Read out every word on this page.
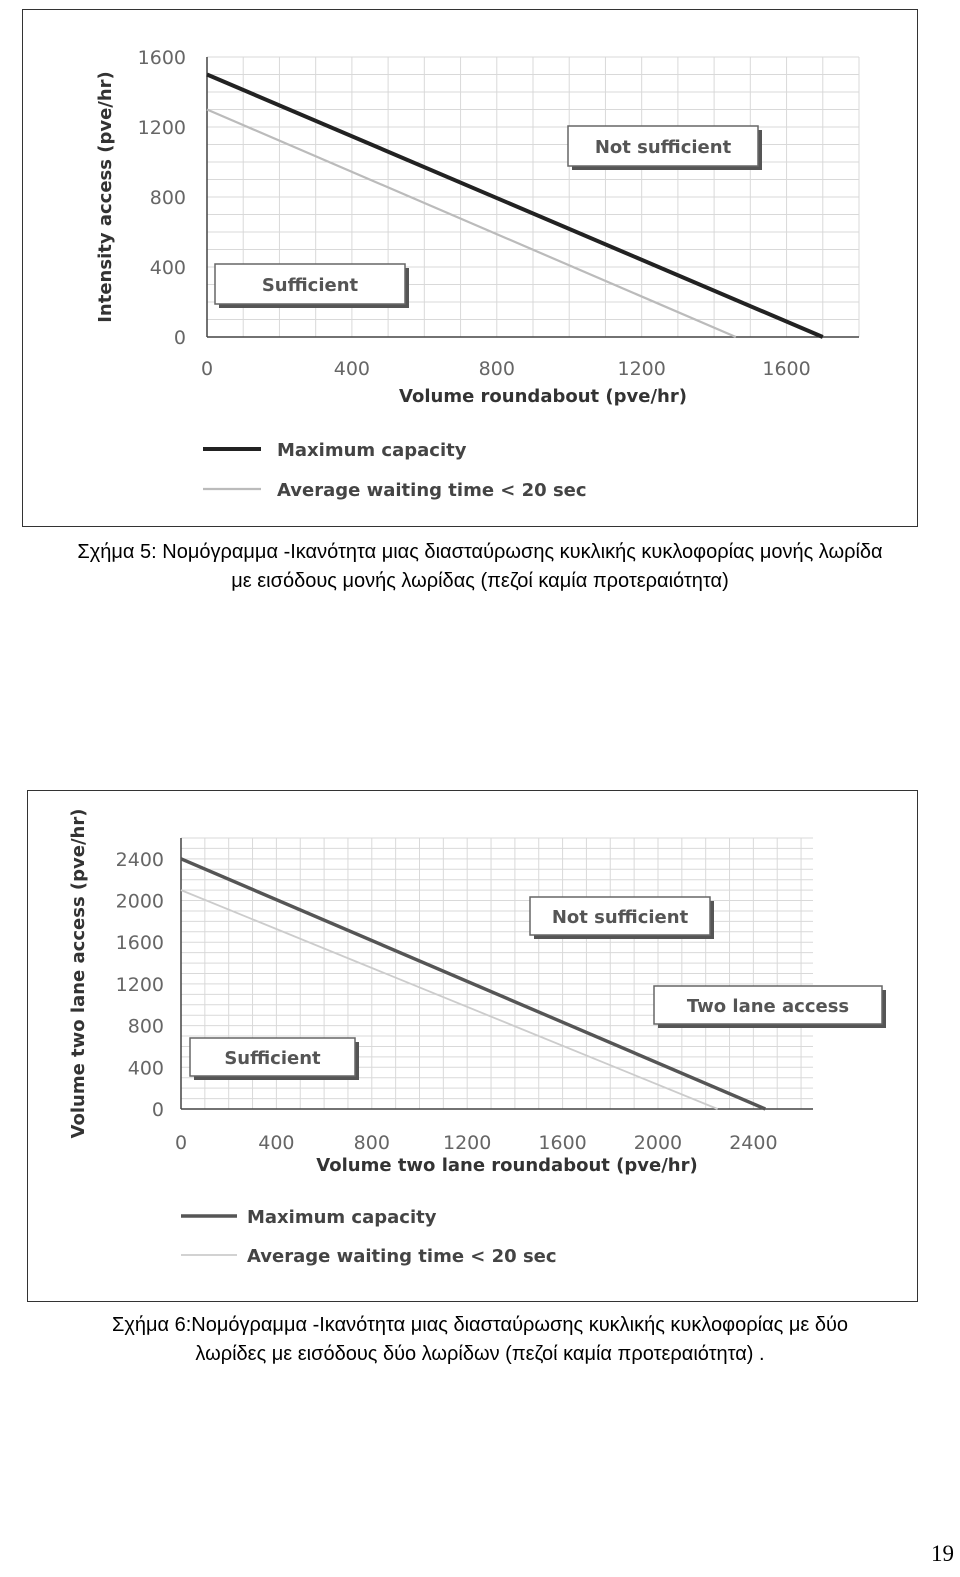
0	400	800	1200	1600
0
400
800
1200
1600
Volume roundabout (pve/hr)
Intensity access (pve/hr)	Not sufficient
Sufficient
Maximum capacity
Average waiting time < 20 sec
Σχήμα 5: Νομόγραμμα -Ικανότητα μιας διασταύρωσης κυκλικής κυκλοφορίας μονής λωρίδα
με εισόδους μονής λωρίδας (πεζοί καμία προτεραιότητα)
0	400	800	1200 1600 2000 2400
0
400
800
1200
1600
2000
2400
Volume two lane roundabout (pve/hr)
Volume two lane access (pve/hr)	Not sufficient
Two lane access
Sufficient
Maximum capacity
Average waiting time < 20 sec
Σχήμα 6:Νομόγραμμα -Ικανότητα μιας διασταύρωσης κυκλικής κυκλοφορίας με δύο
λωρίδες με εισόδους δύο λωρίδων (πεζοί καμία προτεραιότητα) .
19
